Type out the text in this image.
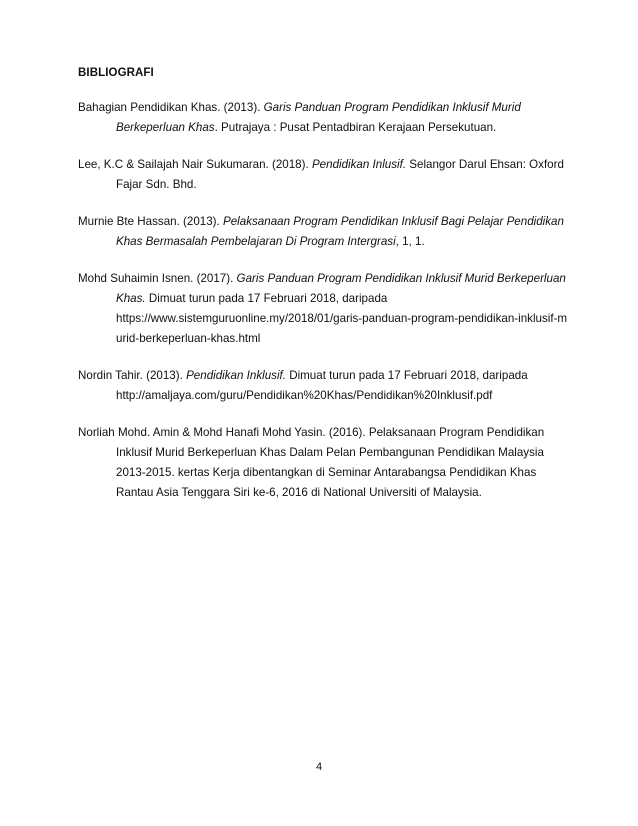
BIBLIOGRAFI

Bahagian Pendidikan Khas. (2013). Garis Panduan Program Pendidikan Inklusif Murid Berkeperluan Khas. Putrajaya : Pusat Pentadbiran Kerajaan Persekutuan.

Lee, K.C & Sailajah Nair Sukumaran. (2018). Pendidikan Inlusif. Selangor Darul Ehsan: Oxford Fajar Sdn. Bhd.

Murnie Bte Hassan. (2013). Pelaksanaan Program Pendidikan Inklusif Bagi Pelajar Pendidikan Khas Bermasalah Pembelajaran Di Program Intergrasi, 1, 1.

Mohd Suhaimin Isnen. (2017). Garis Panduan Program Pendidikan Inklusif Murid Berkeperluan Khas. Dimuat turun pada 17 Februari 2018, daripada
https://www.sistemguruonline.my/2018/01/garis-panduan-program-pendidikan-inklusif-murid-berkeperluan-khas.html

Nordin Tahir. (2013). Pendidikan Inklusif. Dimuat turun pada 17 Februari 2018, daripada
http://amaljaya.com/guru/Pendidikan%20Khas/Pendidikan%20Inklusif.pdf

Norliah Mohd. Amin & Mohd Hanafi Mohd Yasin. (2016). Pelaksanaan Program Pendidikan Inklusif Murid Berkeperluan Khas Dalam Pelan Pembangunan Pendidikan Malaysia 2013-2015. kertas Kerja dibentangkan di Seminar Antarabangsa Pendidikan Khas Rantau Asia Tenggara Siri ke-6, 2016 di National Universiti of Malaysia.

4
